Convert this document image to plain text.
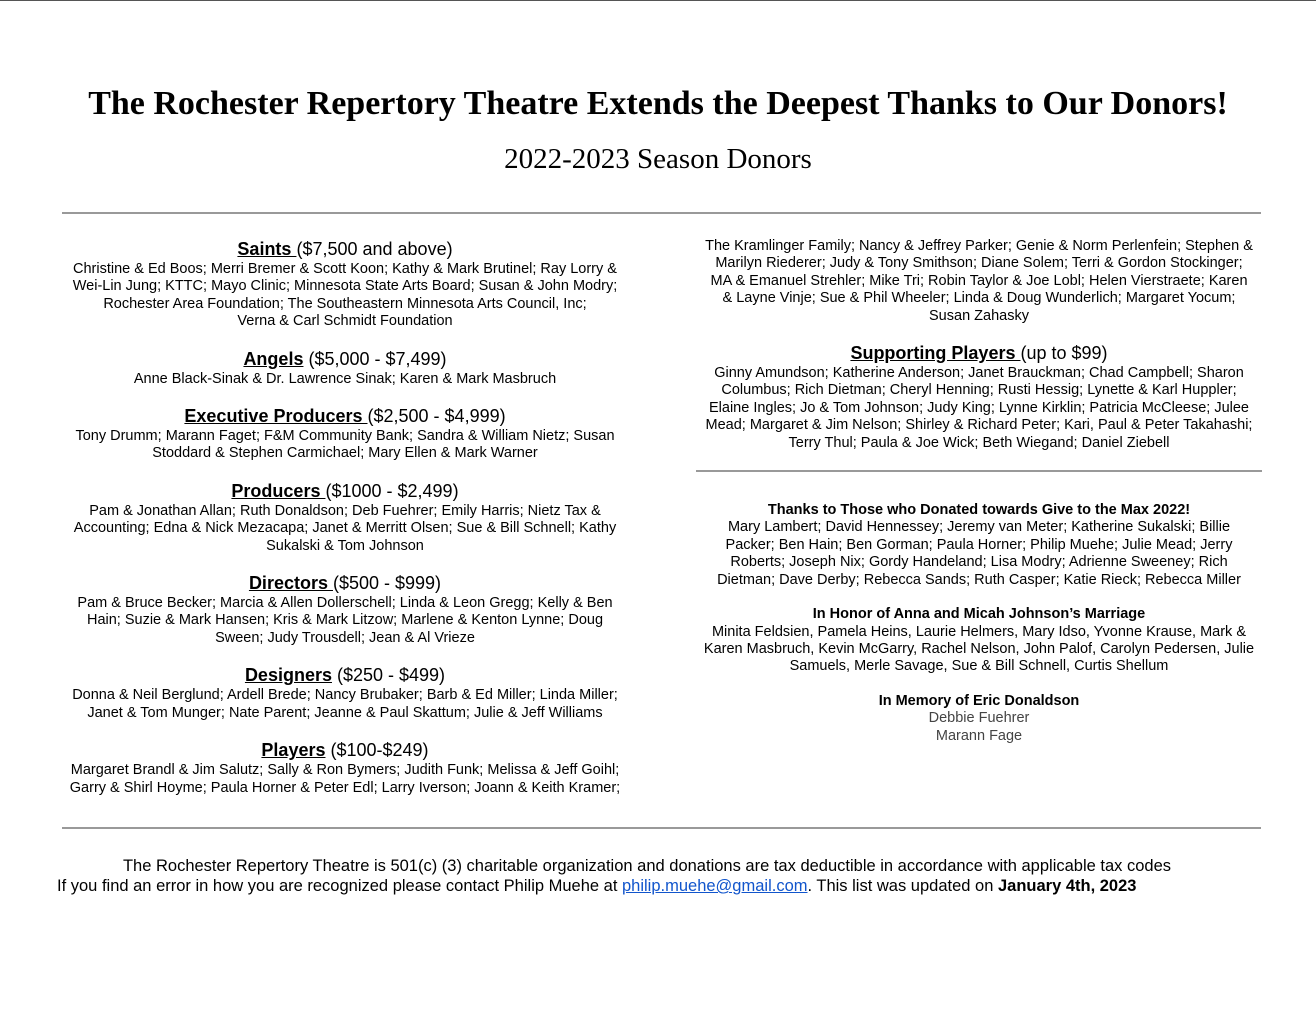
The Rochester Repertory Theatre Extends the Deepest Thanks to Our Donors!
2022-2023 Season Donors
Saints ($7,500 and above)
Christine & Ed Boos; Merri Bremer & Scott Koon; Kathy & Mark Brutinel; Ray Lorry &
Wei-Lin Jung; KTTC; Mayo Clinic; Minnesota State Arts Board; Susan & John Modry;
Rochester Area Foundation; The Southeastern Minnesota Arts Council, Inc;
Verna & Carl Schmidt Foundation
Angels ($5,000 - $7,499)
Anne Black-Sinak & Dr. Lawrence Sinak; Karen & Mark Masbruch
Executive Producers ($2,500 - $4,999)
Tony Drumm; Marann Faget; F&M Community Bank; Sandra & William Nietz; Susan
Stoddard & Stephen Carmichael; Mary Ellen & Mark Warner
Producers ($1000 - $2,499)
Pam & Jonathan Allan; Ruth Donaldson; Deb Fuehrer; Emily Harris; Nietz Tax &
Accounting; Edna & Nick Mezacapa; Janet & Merritt Olsen; Sue & Bill Schnell; Kathy
Sukalski & Tom Johnson
Directors ($500 - $999)
Pam & Bruce Becker; Marcia & Allen Dollerschell; Linda & Leon Gregg; Kelly & Ben
Hain; Suzie & Mark Hansen; Kris & Mark Litzow; Marlene & Kenton Lynne; Doug
Sween; Judy Trousdell; Jean & Al Vrieze
Designers ($250 - $499)
Donna & Neil Berglund; Ardell Brede; Nancy Brubaker; Barb & Ed Miller; Linda Miller;
Janet & Tom Munger; Nate Parent; Jeanne & Paul Skattum; Julie & Jeff Williams
Players ($100-$249)
Margaret Brandl & Jim Salutz; Sally & Ron Bymers; Judith Funk; Melissa & Jeff Goihl;
Garry & Shirl Hoyme; Paula Horner & Peter Edl; Larry Iverson; Joann & Keith Kramer;
The Kramlinger Family; Nancy & Jeffrey Parker; Genie & Norm Perlenfein; Stephen &
Marilyn Riederer; Judy & Tony Smithson; Diane Solem; Terri & Gordon Stockinger;
MA & Emanuel Strehler; Mike Tri; Robin Taylor & Joe Lobl; Helen Vierstraete; Karen
& Layne Vinje; Sue & Phil Wheeler; Linda & Doug Wunderlich; Margaret Yocum;
Susan Zahasky
Supporting Players (up to $99)
Ginny Amundson; Katherine Anderson; Janet Brauckman; Chad Campbell; Sharon
Columbus; Rich Dietman; Cheryl Henning; Rusti Hessig; Lynette & Karl Huppler;
Elaine Ingles; Jo & Tom Johnson; Judy King; Lynne Kirklin; Patricia McCleese; Julee
Mead; Margaret & Jim Nelson; Shirley & Richard Peter; Kari, Paul & Peter Takahashi;
Terry Thul; Paula & Joe Wick; Beth Wiegand; Daniel Ziebell
Thanks to Those who Donated towards Give to the Max 2022!
Mary Lambert; David Hennessey; Jeremy van Meter; Katherine Sukalski; Billie
Packer; Ben Hain; Ben Gorman; Paula Horner; Philip Muehe; Julie Mead; Jerry
Roberts; Joseph Nix; Gordy Handeland; Lisa Modry; Adrienne Sweeney; Rich
Dietman; Dave Derby; Rebecca Sands; Ruth Casper; Katie Rieck; Rebecca Miller
In Honor of Anna and Micah Johnson’s Marriage
Minita Feldsien, Pamela Heins, Laurie Helmers, Mary Idso, Yvonne Krause, Mark &
Karen Masbruch, Kevin McGarry, Rachel Nelson, John Palof, Carolyn Pedersen, Julie
Samuels, Merle Savage, Sue & Bill Schnell, Curtis Shellum
In Memory of Eric Donaldson
Debbie Fuehrer
Marann Fage
The Rochester Repertory Theatre is 501(c) (3) charitable organization and donations are tax deductible in accordance with applicable tax codes
If you find an error in how you are recognized please contact Philip Muehe at philip.muehe@gmail.com. This list was updated on January 4th, 2023
